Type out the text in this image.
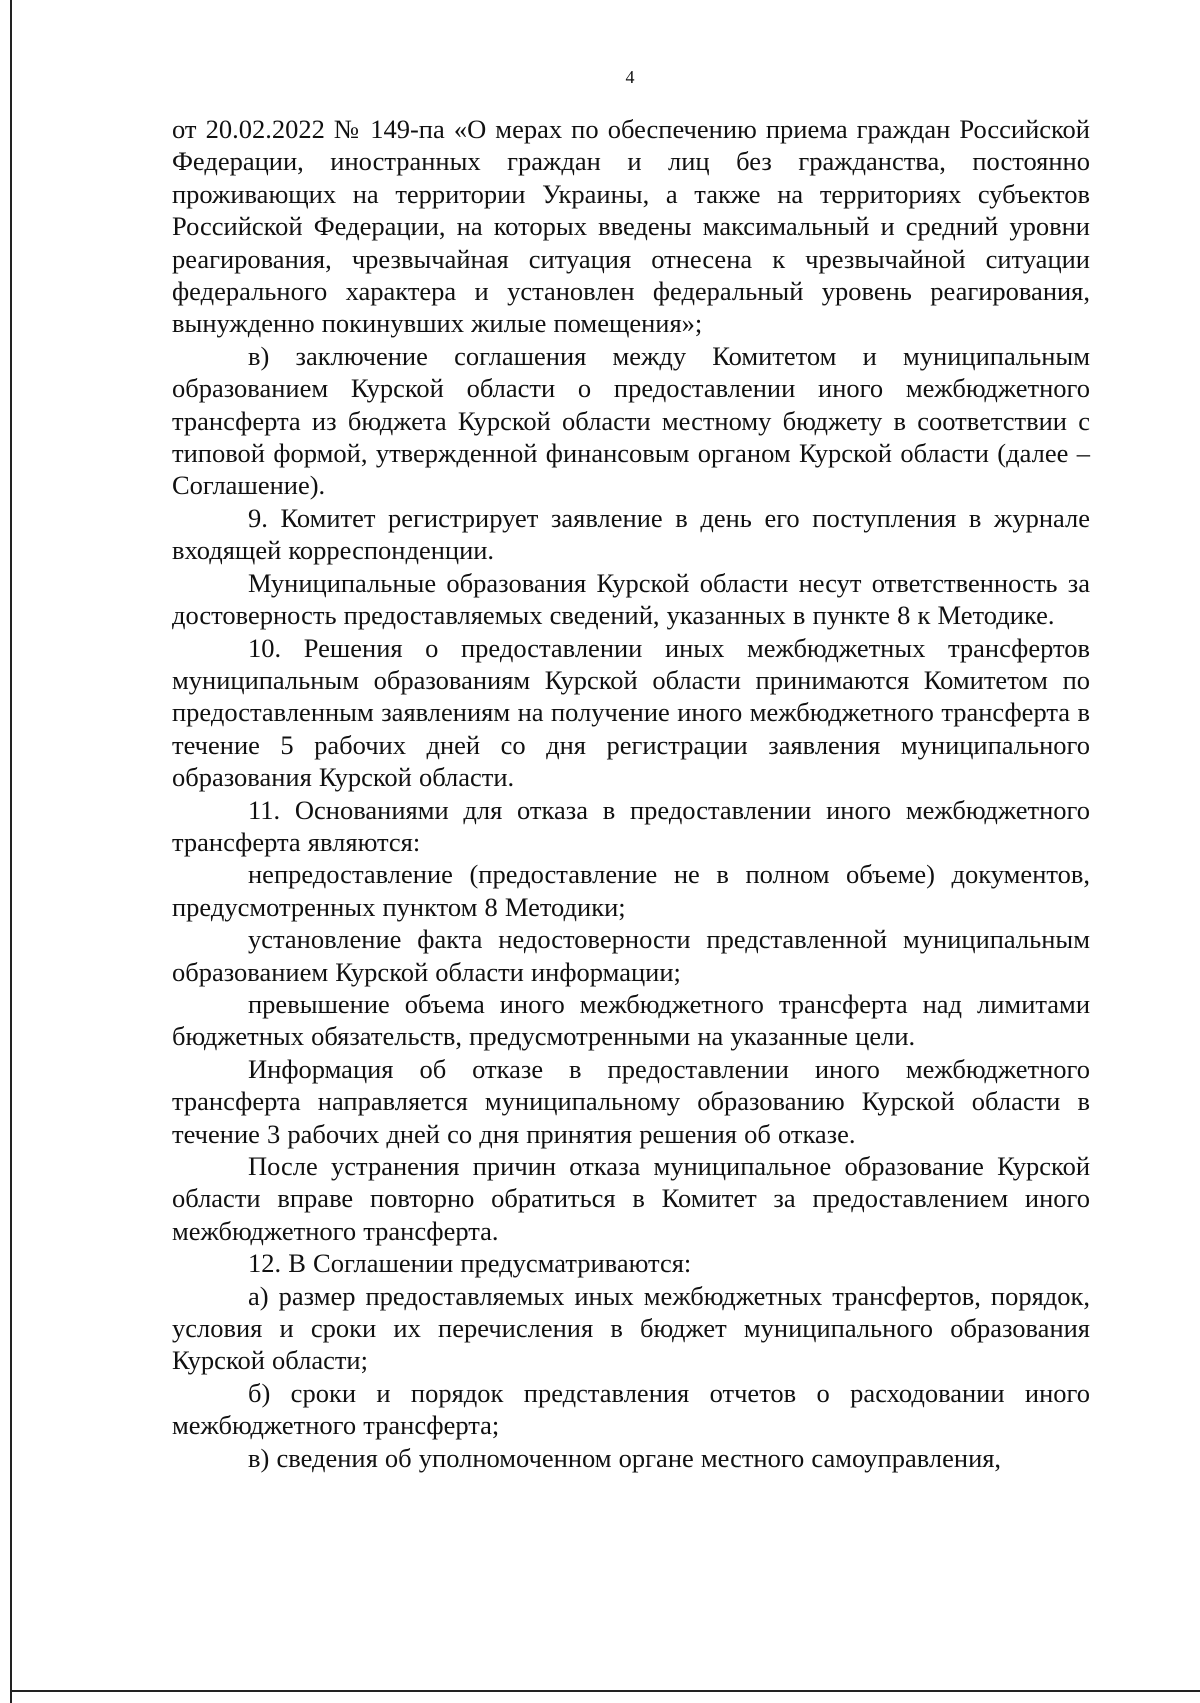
4

от 20.02.2022 № 149-па «О мерах по обеспечению приема граждан Российской Федерации, иностранных граждан и лиц без гражданства, постоянно проживающих на территории Украины, а также на территориях субъектов Российской Федерации, на которых введены максимальный и средний уровни реагирования, чрезвычайная ситуация отнесена к чрезвычайной ситуации федерального характера и установлен федеральный уровень реагирования, вынужденно покинувших жилые помещения»;

в) заключение соглашения между Комитетом и муниципальным образованием Курской области о предоставлении иного межбюджетного трансферта из бюджета Курской области местному бюджету в соответствии с типовой формой, утвержденной финансовым органом Курской области (далее – Соглашение).

9. Комитет регистрирует заявление в день его поступления в журнале входящей корреспонденции.

Муниципальные образования Курской области несут ответственность за достоверность предоставляемых сведений, указанных в пункте 8 к Методике.

10. Решения о предоставлении иных межбюджетных трансфертов муниципальным образованиям Курской области принимаются Комитетом по предоставленным заявлениям на получение иного межбюджетного трансферта в течение 5 рабочих дней со дня регистрации заявления муниципального образования Курской области.

11. Основаниями для отказа в предоставлении иного межбюджетного трансферта являются:

непредоставление (предоставление не в полном объеме) документов, предусмотренных пунктом 8 Методики;

установление факта недостоверности представленной муниципальным образованием Курской области информации;

превышение объема иного межбюджетного трансферта над лимитами бюджетных обязательств, предусмотренными на указанные цели.

Информация об отказе в предоставлении иного межбюджетного трансферта направляется муниципальному образованию Курской области в течение 3 рабочих дней со дня принятия решения об отказе.

После устранения причин отказа муниципальное образование Курской области вправе повторно обратиться в Комитет за предоставлением иного межбюджетного трансферта.

12. В Соглашении предусматриваются:

а) размер предоставляемых иных межбюджетных трансфертов, порядок, условия и сроки их перечисления в бюджет муниципального образования Курской области;

б) сроки и порядок представления отчетов о расходовании иного межбюджетного трансферта;

в) сведения об уполномоченном органе местного самоуправления,
